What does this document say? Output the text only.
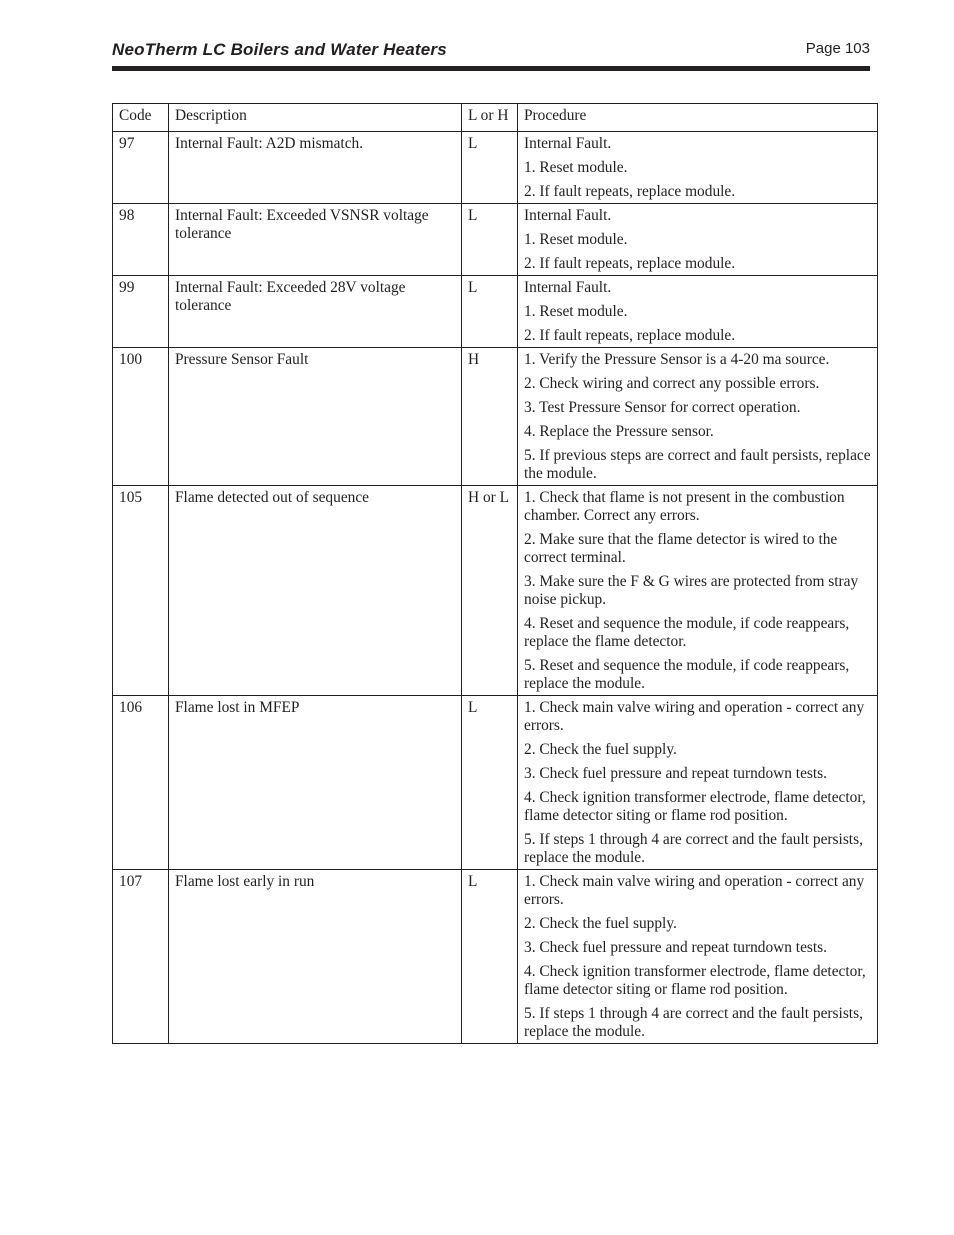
NeoTherm LC Boilers and Water Heaters	Page 103
Code	Description	L or H	Procedure
97	Internal Fault: A2D mismatch.	L	Internal Fault.
1. Reset module.
2. If fault repeats, replace module.

98	Internal Fault: Exceeded VSNSR voltage tolerance	L	Internal Fault.
1. Reset module.
2. If fault repeats, replace module.

99	Internal Fault: Exceeded 28V voltage tolerance	L	Internal Fault.
1. Reset module.
2. If fault repeats, replace module.

100	Pressure Sensor Fault	H	1. Verify the Pressure Sensor is a 4-20 ma source.
2. Check wiring and correct any possible errors.
3. Test Pressure Sensor for correct operation.
4. Replace the Pressure sensor.
5. If previous steps are correct and fault persists, replace the module.

105	Flame detected out of sequence	H or L	1. Check that flame is not present in the combustion chamber. Correct any errors.
2. Make sure that the flame detector is wired to the correct terminal.
3. Make sure the F & G wires are protected from stray noise pickup.
4. Reset and sequence the module, if code reappears, replace the flame detector.
5. Reset and sequence the module, if code reappears, replace the module.

106	Flame lost in MFEP	L	1. Check main valve wiring and operation - correct any errors.
2. Check the fuel supply.
3. Check fuel pressure and repeat turndown tests.
4. Check ignition transformer electrode, flame detector, flame detector siting or flame rod position.
5. If steps 1 through 4 are correct and the fault persists, replace the module.

107	Flame lost early in run	L	1. Check main valve wiring and operation - correct any errors.
2. Check the fuel supply.
3. Check fuel pressure and repeat turndown tests.
4. Check ignition transformer electrode, flame detector, flame detector siting or flame rod position.
5. If steps 1 through 4 are correct and the fault persists, replace the module.
